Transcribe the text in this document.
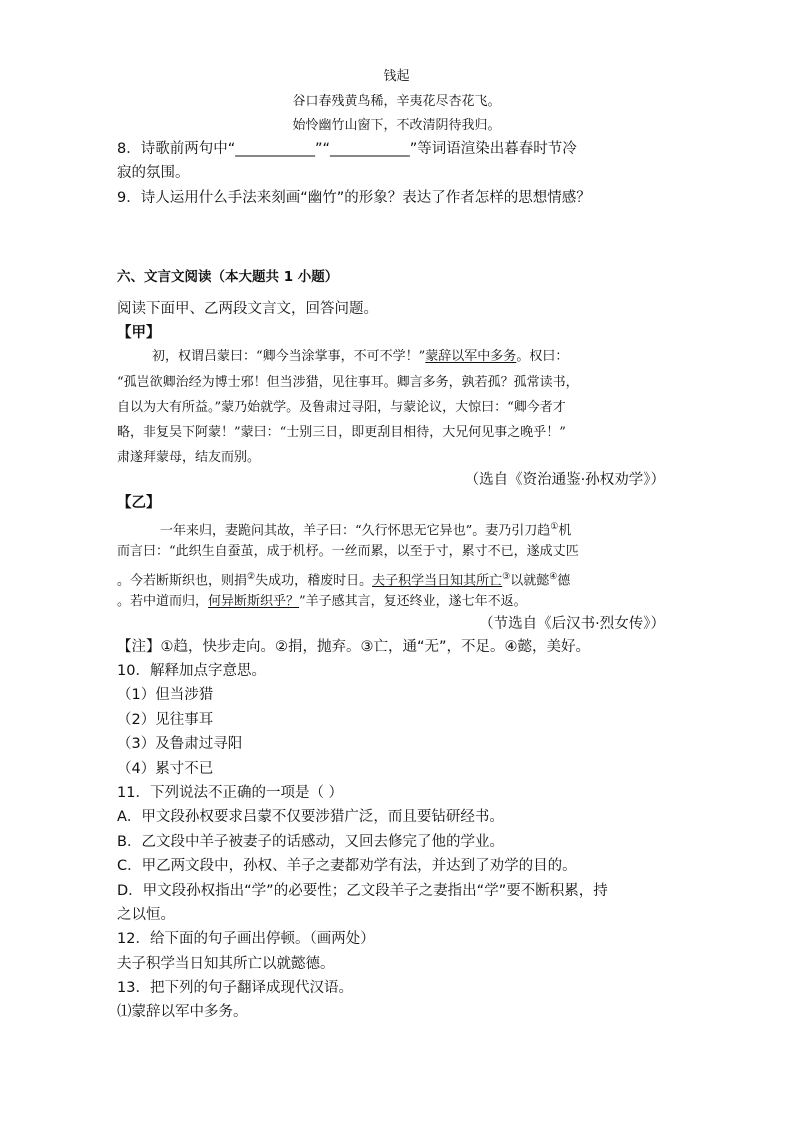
钱起
谷口春残黄鸟稀，辛夷花尽杏花飞。
始怜幽竹山窗下，不改清阴待我归。
8．诗歌前两句中“___________”“___________”等词语渲染出暮春时节冷
寂的氛围。
9．诗人运用什么手法来刻画“幽竹”的形象？表达了作者怎样的思想情感？
六、文言文阅读（本大题共 1 小题）
阅读下面甲、乙两段文言文，回答问题。
【甲】
初，权谓吕蒙曰：“卿今当涂掌事，不可不学！”蒙辞以军中多务。权曰：
“孤岂欲卿治经为博士邪！但当涉猎，见往事耳。卿言多务，孰若孤？孤常读书，
自以为大有所益。”蒙乃始就学。及鲁肃过寻阳，与蒙论议，大惊曰：“卿今者才
略，非复吴下阿蒙！”蒙曰：“士别三日，即更刮目相待，大兄何见事之晚乎！”
肃遂拜蒙母，结友而别。
（选自《资治通鉴·孙权劝学》）
【乙】
一年来归，妻跪问其故，羊子曰：“久行怀思无它异也”。妻乃引刀趋①机
而言曰：“此织生自蚕茧，成于机杼。一丝而累，以至于寸，累寸不已，遂成丈匹
。今若断斯织也，则捐②失成功，稽废时日。夫子积学当日知其所亡③以就懿④德
。若中道而归，何异断斯织乎？”羊子感其言，复还终业，遂七年不返。
（节选自《后汉书·烈女传》）
【注】①趋，快步走向。②捐，抛弃。③亡，通“无”，不足。④懿，美好。
10．解释加点字意思。
（1）但当涉猎
（2）见往事耳
（3）及鲁肃过寻阳
（4）累寸不已
11．下列说法不正确的一项是（ ）
A．甲文段孙权要求吕蒙不仅要涉猎广泛，而且要钻研经书。
B．乙文段中羊子被妻子的话感动，又回去修完了他的学业。
C．甲乙两文段中，孙权、羊子之妻都劝学有法，并达到了劝学的目的。
D．甲文段孙权指出“学”的必要性；乙文段羊子之妻指出“学”要不断积累，持
之以恒。
12．给下面的句子画出停顿。（画两处）
夫子积学当日知其所亡以就懿德。
13．把下列的句子翻译成现代汉语。
⑴蒙辞以军中多务。
